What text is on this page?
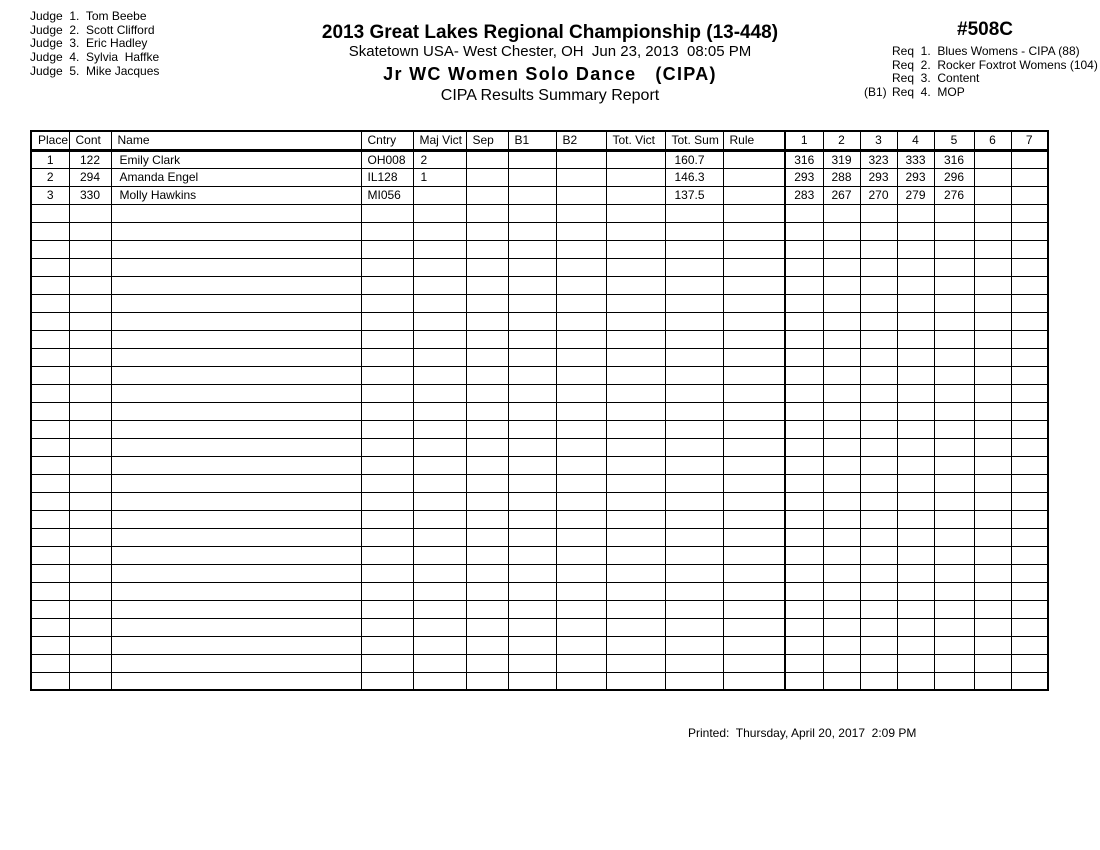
Judge  1.  Tom Beebe
Judge  2.  Scott Clifford
Judge  3.  Eric Hadley
Judge  4.  Sylvia  Haffke
Judge  5.  Mike Jacques
2013 Great Lakes Regional Championship (13-448)
Skatetown USA- West Chester, OH  Jun 23, 2013  08:05 PM
Jr WC Women Solo Dance   (CIPA)
CIPA Results Summary Report
#508C
Req  1.  Blues Womens - CIPA (88)
Req  2.  Rocker Foxtrot Womens (104)
Req  3.  Content
(B1) Req  4.  MOP
Place	Cont	Name	Cntry	Maj Vict	Sep	B1	B2	Tot. Vict	Tot. Sum	Rule	1	2	3	4	5	6	7
1	122	Emily Clark	OH008	2					160.7		316	319	323	333	316		
2	294	Amanda Engel	IL128	1					146.3		293	288	293	293	296		
3	330	Molly Hawkins	MI056						137.5		283	267	270	279	276		

Printed:  Thursday, April 20, 2017  2:09 PM
